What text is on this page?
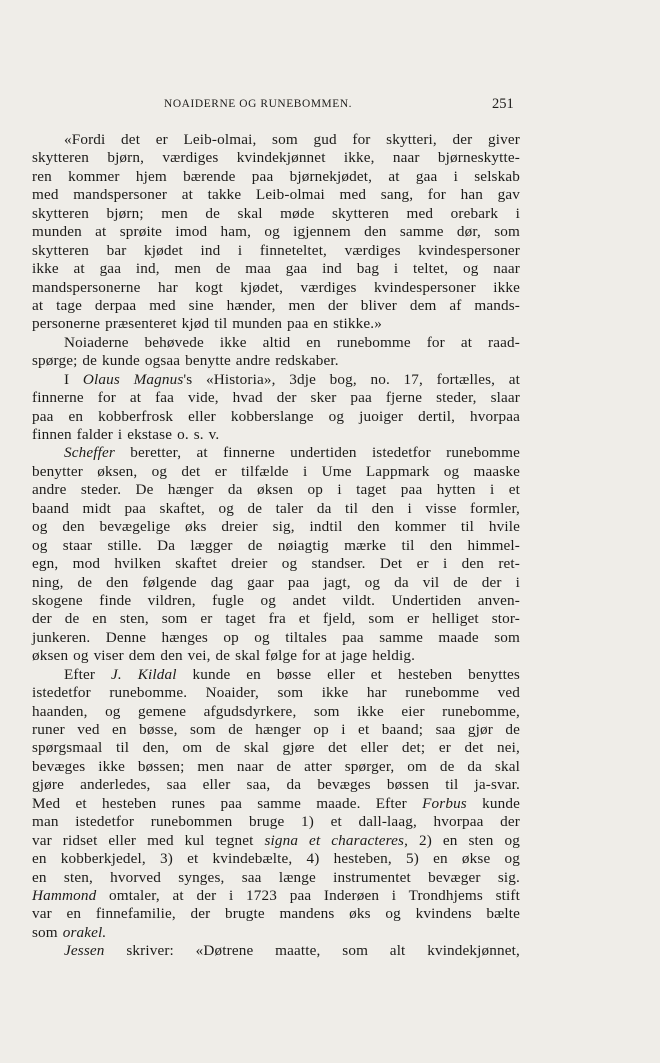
NOAIDERNE OG RUNEBOMMEN.	251
«Fordi det er Leib-olmai, som gud for skytteri, der giver
skytteren bjørn, værdiges kvindekjønnet ikke, naar bjørneskytte-
ren kommer hjem bærende paa bjørnekjødet, at gaa i selskab
med mandspersoner at takke Leib-olmai med sang, for han gav
skytteren bjørn; men de skal møde skytteren med orebark i
munden at sprøite imod ham, og igjennem den samme dør, som
skytteren bar kjødet ind i finneteltet, værdiges kvindespersoner
ikke at gaa ind, men de maa gaa ind bag i teltet, og naar
mandspersonerne har kogt kjødet, værdiges kvindespersoner ikke
at tage derpaa med sine hænder, men der bliver dem af mands-
personerne præsenteret kjød til munden paa en stikke.»
Noiaderne behøvede ikke altid en runebomme for at raad-
spørge; de kunde ogsaa benytte andre redskaber.
I Olaus Magnus's «Historia», 3dje bog, no. 17, fortælles, at
finnerne for at faa vide, hvad der sker paa fjerne steder, slaar
paa en kobberfrosk eller kobberslange og juoiger dertil, hvorpaa
finnen falder i ekstase o. s. v.
Scheffer beretter, at finnerne undertiden istedetfor runebomme
benytter øksen, og det er tilfælde i Ume Lappmark og maaske
andre steder. De hænger da øksen op i taget paa hytten i et
baand midt paa skaftet, og de taler da til den i visse formler,
og den bevægelige øks dreier sig, indtil den kommer til hvile
og staar stille. Da lægger de nøiagtig mærke til den himmel-
egn, mod hvilken skaftet dreier og standser. Det er i den ret-
ning, de den følgende dag gaar paa jagt, og da vil de der i
skogene finde vildren, fugle og andet vildt. Undertiden anven-
der de en sten, som er taget fra et fjeld, som er helliget stor-
junkeren. Denne hænges op og tiltales paa samme maade som
øksen og viser dem den vei, de skal følge for at jage heldig.
Efter J. Kildal kunde en bøsse eller et hesteben benyttes
istedetfor runebomme. Noaider, som ikke har runebomme ved
haanden, og gemene afgudsdyrkere, som ikke eier runebomme,
runer ved en bøsse, som de hænger op i et baand; saa gjør de
spørgsmaal til den, om de skal gjøre det eller det; er det nei,
bevæges ikke bøssen; men naar de atter spørger, om de da skal
gjøre anderledes, saa eller saa, da bevæges bøssen til ja-svar.
Med et hesteben runes paa samme maade. Efter Forbus kunde
man istedetfor runebommen bruge 1) et dall-laag, hvorpaa der
var ridset eller med kul tegnet signa et characteres, 2) en sten og
en kobberkjedel, 3) et kvindebælte, 4) hesteben, 5) en økse og
en sten, hvorved synges, saa længe instrumentet bevæger sig.
Hammond omtaler, at der i 1723 paa Inderøen i Trondhjems stift
var en finnefamilie, der brugte mandens øks og kvindens bælte
som orakel.
Jessen skriver: «Døtrene maatte, som alt kvindekjønnet,
